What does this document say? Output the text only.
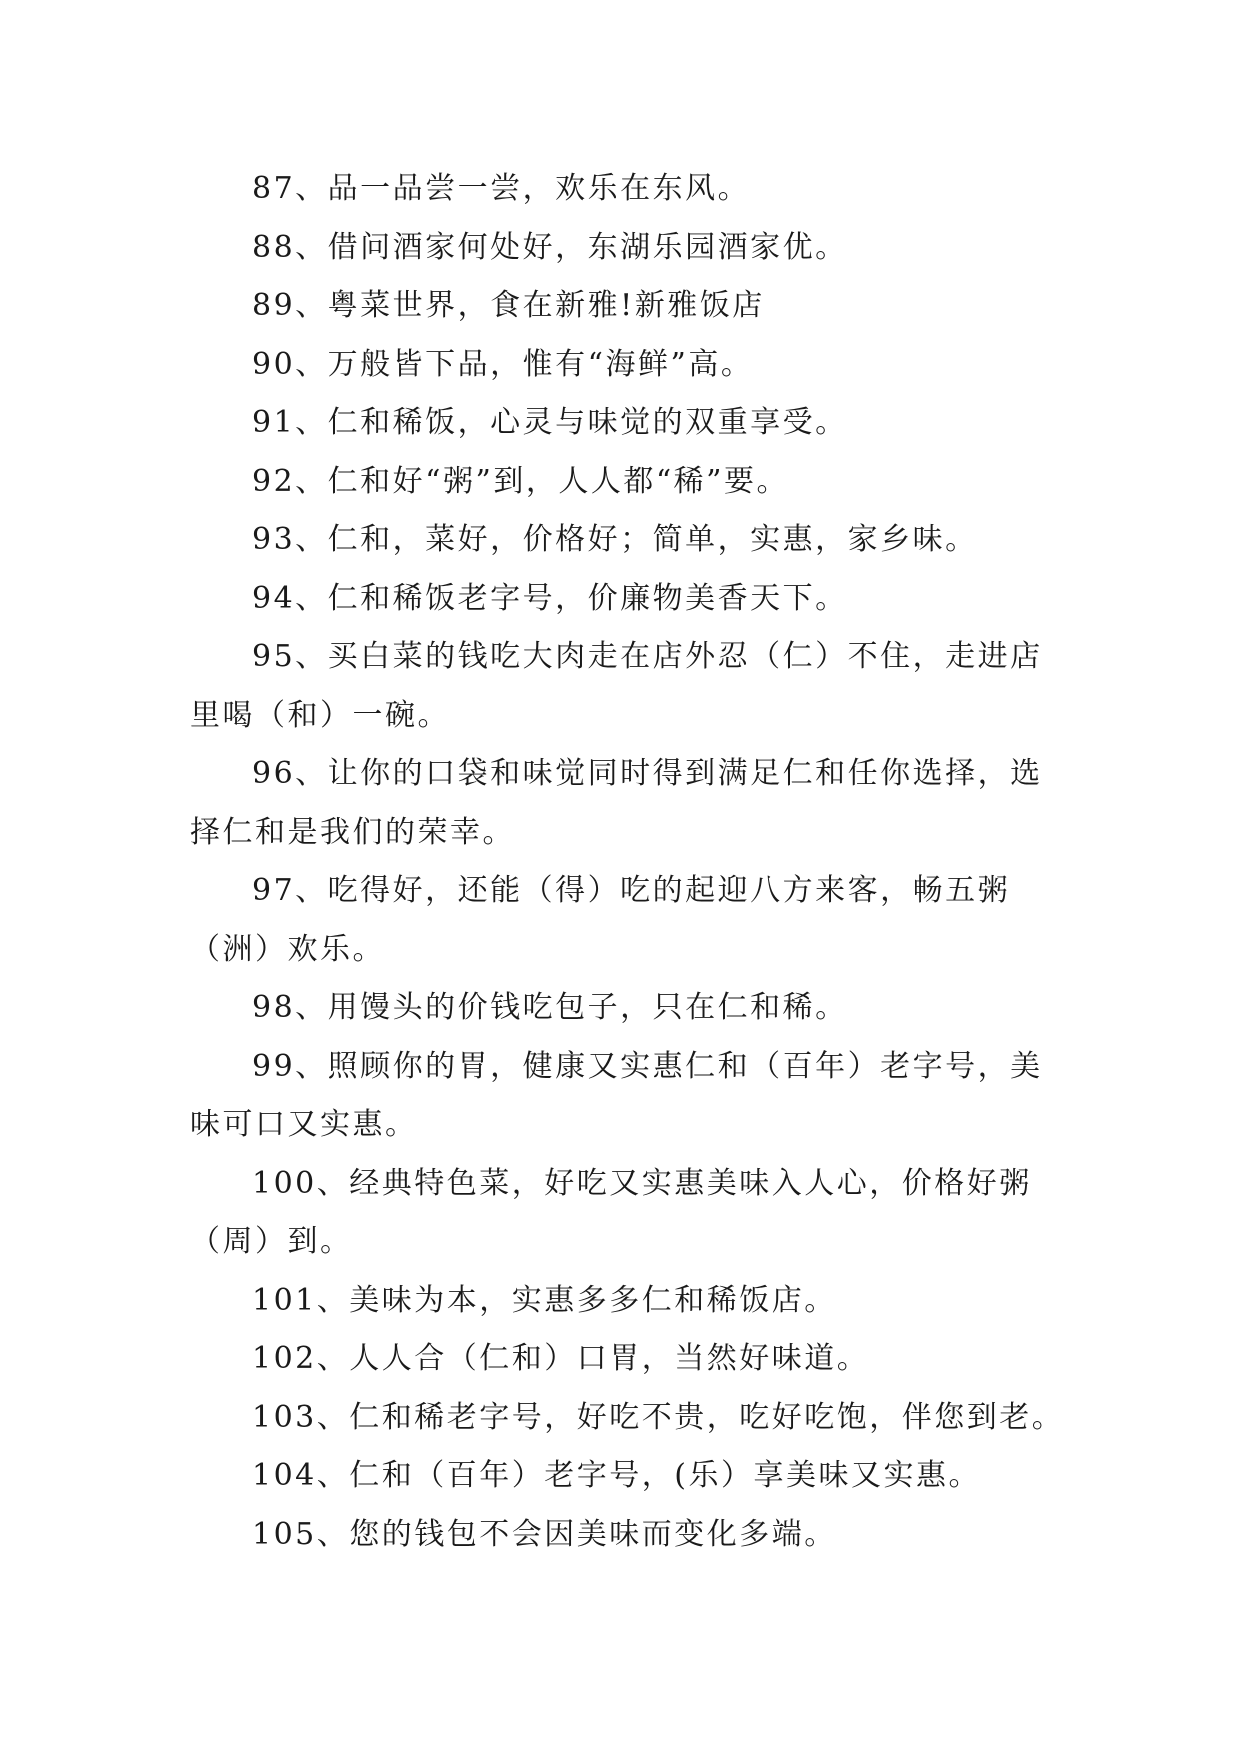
87、品一品尝一尝，欢乐在东风。

88、借问酒家何处好，东湖乐园酒家优。

89、粤菜世界，食在新雅!新雅饭店

90、万般皆下品，惟有“海鲜”高。

91、仁和稀饭，心灵与味觉的双重享受。

92、仁和好“粥”到，人人都“稀”要。

93、仁和，菜好，价格好；简单，实惠，家乡味。

94、仁和稀饭老字号，价廉物美香天下。

95、买白菜的钱吃大肉走在店外忍（仁）不住，走进店里喝（和）一碗。

96、让你的口袋和味觉同时得到满足仁和任你选择，选择仁和是我们的荣幸。

97、吃得好，还能（得）吃的起迎八方来客，畅五粥（洲）欢乐。

98、用馒头的价钱吃包子，只在仁和稀。

99、照顾你的胃，健康又实惠仁和（百年）老字号，美味可口又实惠。

100、经典特色菜，好吃又实惠美味入人心，价格好粥（周）到。

101、美味为本，实惠多多仁和稀饭店。

102、人人合（仁和）口胃，当然好味道。

103、仁和稀老字号，好吃不贵，吃好吃饱，伴您到老。

104、仁和（百年）老字号，(乐）享美味又实惠。

105、您的钱包不会因美味而变化多端。
